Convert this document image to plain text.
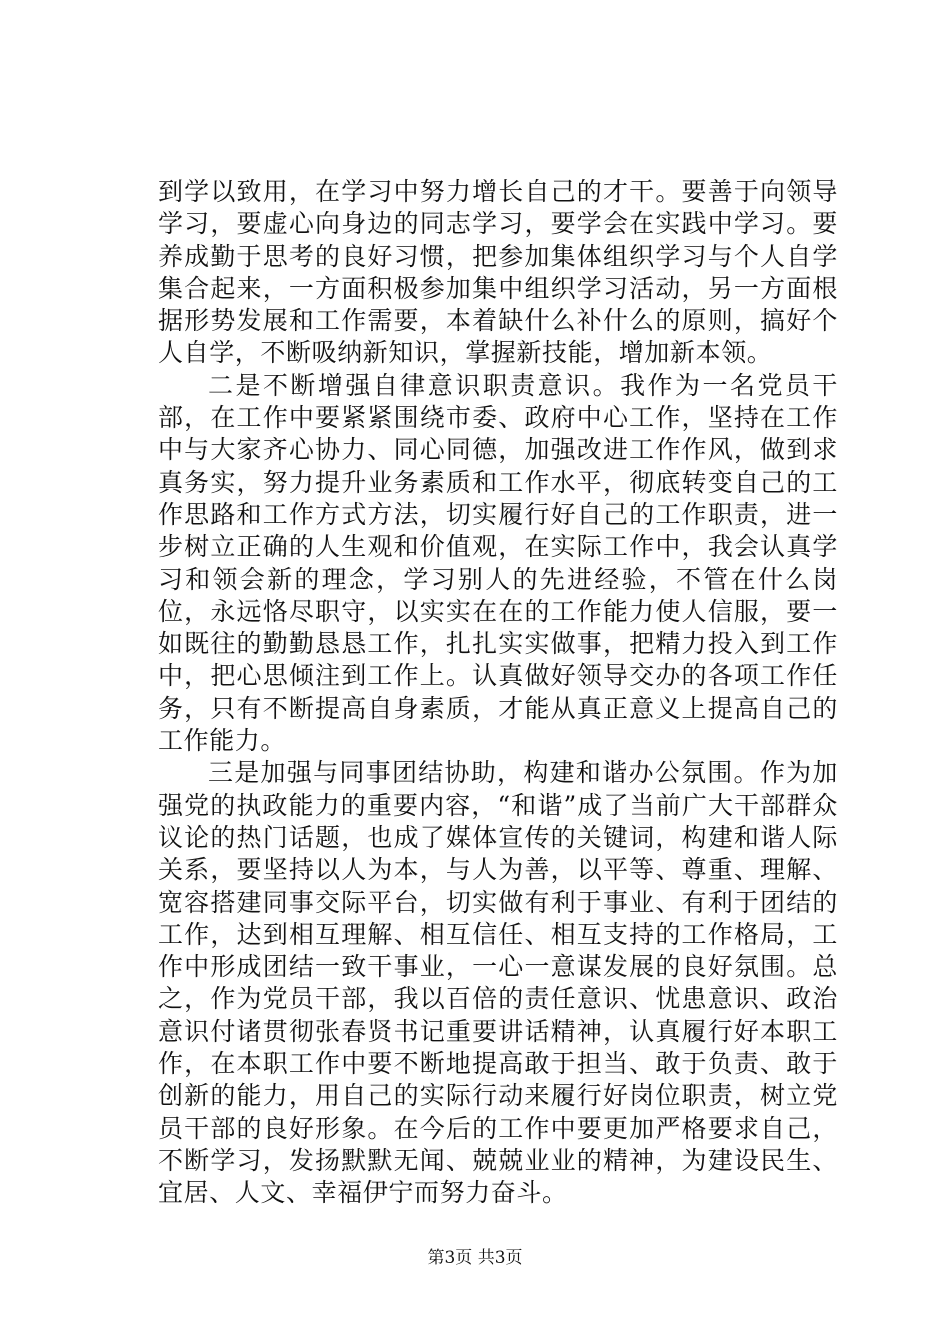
到学以致用，在学习中努力增长自己的才干。要善于向领导学习，要虚心向身边的同志学习，要学会在实践中学习。要养成勤于思考的良好习惯，把参加集体组织学习与个人自学集合起来，一方面积极参加集中组织学习活动，另一方面根据形势发展和工作需要，本着缺什么补什么的原则，搞好个人自学，不断吸纳新知识，掌握新技能，增加新本领。

二是不断增强自律意识职责意识。我作为一名党员干部，在工作中要紧紧围绕市委、政府中心工作，坚持在工作中与大家齐心协力、同心同德，加强改进工作作风，做到求真务实，努力提升业务素质和工作水平，彻底转变自己的工作思路和工作方式方法，切实履行好自己的工作职责，进一步树立正确的人生观和价值观，在实际工作中，我会认真学习和领会新的理念，学习别人的先进经验，不管在什么岗位，永远恪尽职守，以实实在在的工作能力使人信服，要一如既往的勤勤恳恳工作，扎扎实实做事，把精力投入到工作中，把心思倾注到工作上。认真做好领导交办的各项工作任务，只有不断提高自身素质，才能从真正意义上提高自己的工作能力。

三是加强与同事团结协助，构建和谐办公氛围。作为加强党的执政能力的重要内容，“和谐”成了当前广大干部群众议论的热门话题，也成了媒体宣传的关键词，构建和谐人际关系，要坚持以人为本，与人为善，以平等、尊重、理解、宽容搭建同事交际平台，切实做有利于事业、有利于团结的工作，达到相互理解、相互信任、相互支持的工作格局，工作中形成团结一致干事业，一心一意谋发展的良好氛围。总之，作为党员干部，我以百倍的责任意识、忧患意识、政治意识付诸贯彻张春贤书记重要讲话精神，认真履行好本职工作，在本职工作中要不断地提高敢于担当、敢于负责、敢于创新的能力，用自己的实际行动来履行好岗位职责，树立党员干部的良好形象。在今后的工作中要更加严格要求自己，不断学习，发扬默默无闻、兢兢业业的精神，为建设民生、宜居、人文、幸福伊宁而努力奋斗。

第3页 共3页
